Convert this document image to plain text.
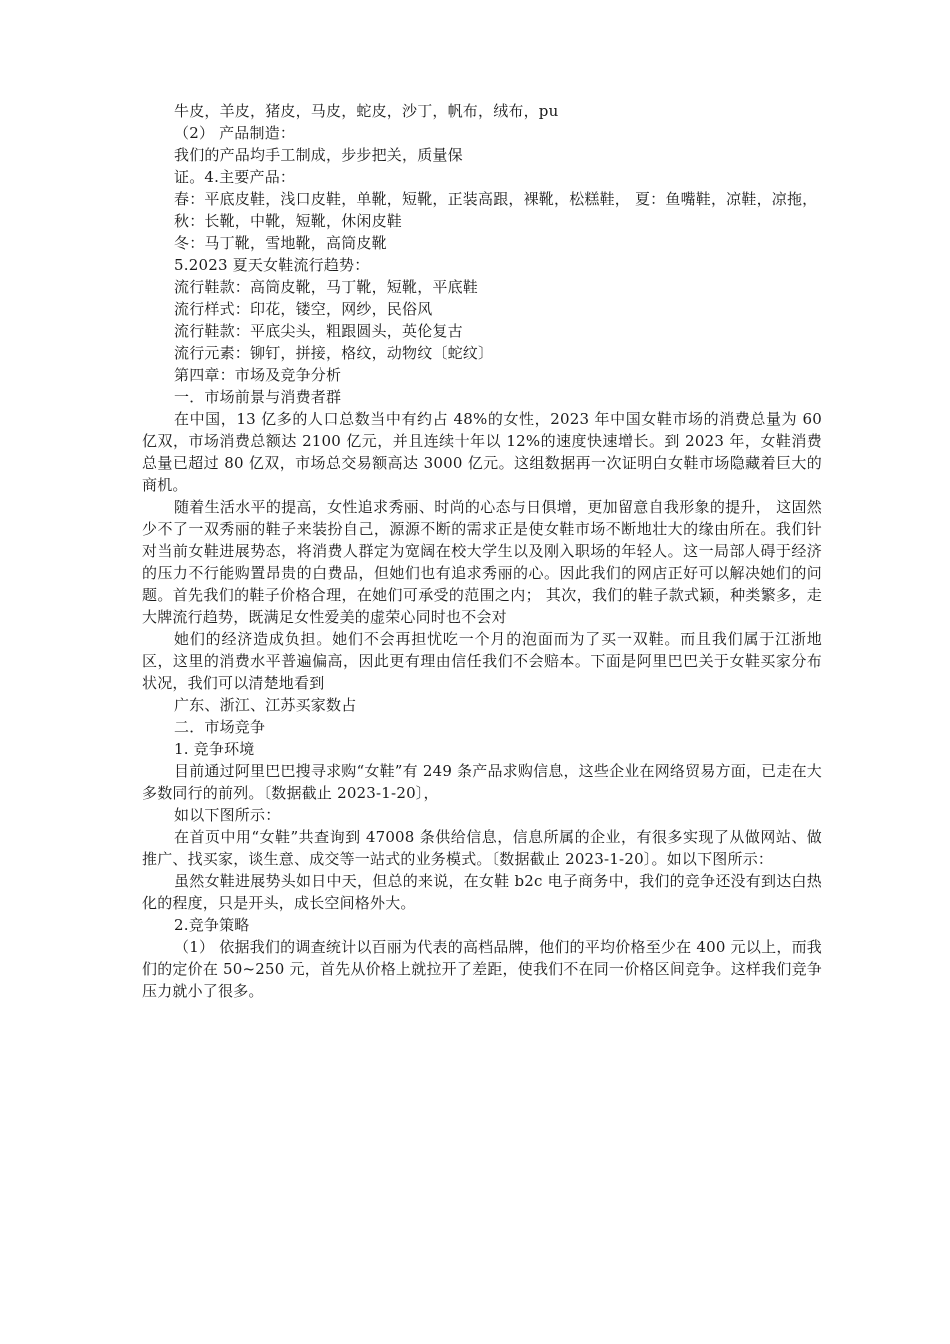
牛皮，羊皮，猪皮，马皮，蛇皮，沙丁，帆布，绒布，pu

（2） 产品制造：

我们的产品均手工制成，步步把关，质量保

证。4.主要产品：

春：平底皮鞋，浅口皮鞋，单靴，短靴，正装高跟，裸靴，松糕鞋， 夏：鱼嘴鞋，凉鞋，凉拖，

秋：长靴，中靴，短靴，休闲皮鞋

冬：马丁靴，雪地靴，高筒皮靴

5.2023 夏天女鞋流行趋势：

流行鞋款：高筒皮靴，马丁靴，短靴，平底鞋

流行样式：印花，镂空，网纱，民俗风

流行鞋款：平底尖头，粗跟圆头，英伦复古

流行元素：铆钉，拼接，格纹，动物纹〔蛇纹〕

第四章：市场及竞争分析

一．市场前景与消费者群

在中国，13 亿多的人口总数当中有约占 48%的女性，2023 年中国女鞋市场的消费总量为 60 亿双，市场消费总额达 2100 亿元，并且连续十年以 12%的速度快速增长。到 2023 年，女鞋消费总量已超过 80 亿双，市场总交易额高达 3000 亿元。这组数据再一次证明白女鞋市场隐藏着巨大的商机。

随着生活水平的提高，女性追求秀丽、时尚的心态与日俱增，更加留意自我形象的提升， 这固然少不了一双秀丽的鞋子来装扮自己，源源不断的需求正是使女鞋市场不断地壮大的缘由所在。我们针对当前女鞋进展势态，将消费人群定为宽阔在校大学生以及刚入职场的年轻人。这一局部人碍于经济的压力不行能购置昂贵的白费品，但她们也有追求秀丽的心。因此我们的网店正好可以解决她们的问题。首先我们的鞋子价格合理，在她们可承受的范围之内； 其次，我们的鞋子款式颖，种类繁多，走大牌流行趋势，既满足女性爱美的虚荣心同时也不会对

她们的经济造成负担。她们不会再担忧吃一个月的泡面而为了买一双鞋。而且我们属于江浙地区，这里的消费水平普遍偏高，因此更有理由信任我们不会赔本。下面是阿里巴巴关于女鞋买家分布状况，我们可以清楚地看到

广东、浙江、江苏买家数占

二．市场竞争

1. 竞争环境

目前通过阿里巴巴搜寻求购“女鞋”有 249 条产品求购信息，这些企业在网络贸易方面，已走在大多数同行的前列。〔数据截止 2023-1-20〕，

如以下图所示：

在首页中用“女鞋”共查询到 47008 条供给信息，信息所属的企业，有很多实现了从做网站、做推广、找买家，谈生意、成交等一站式的业务模式。〔数据截止 2023-1-20〕。如以下图所示：

虽然女鞋进展势头如日中天，但总的来说，在女鞋 b2c 电子商务中，我们的竞争还没有到达白热化的程度，只是开头，成长空间格外大。

2.竞争策略

（1） 依据我们的调查统计以百丽为代表的高档品牌，他们的平均价格至少在 400 元以上，而我们的定价在 50~250 元，首先从价格上就拉开了差距，使我们不在同一价格区间竞争。这样我们竞争压力就小了很多。
